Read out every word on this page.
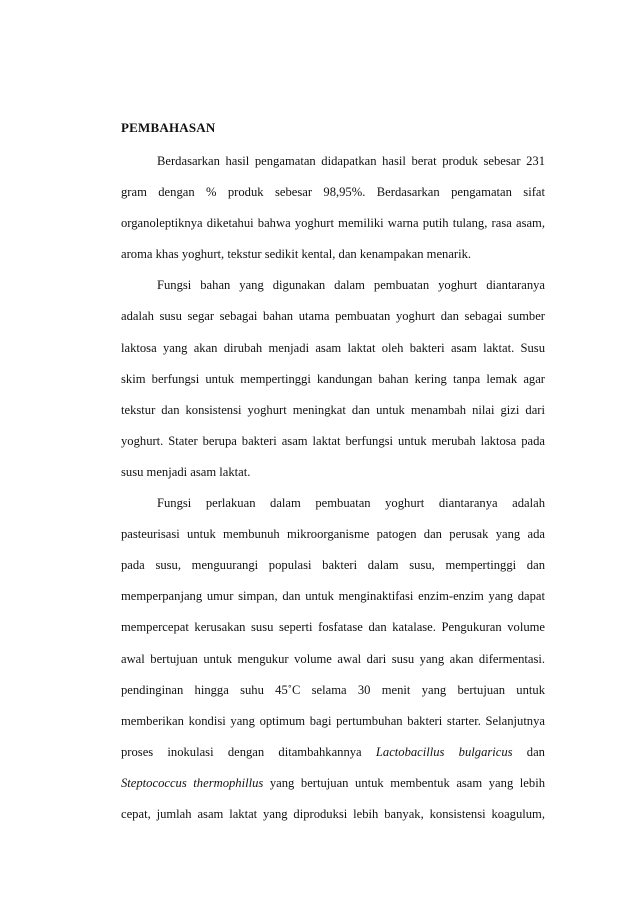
PEMBAHASAN
Berdasarkan hasil pengamatan didapatkan hasil berat produk sebesar 231
gram dengan % produk sebesar 98,95%. Berdasarkan pengamatan sifat
organoleptiknya diketahui bahwa yoghurt memiliki warna putih tulang, rasa asam,
aroma khas yoghurt, tekstur sedikit kental, dan kenampakan menarik.
Fungsi bahan yang digunakan dalam pembuatan yoghurt diantaranya
adalah susu segar sebagai bahan utama pembuatan yoghurt dan sebagai sumber
laktosa yang akan dirubah menjadi asam laktat oleh bakteri asam laktat. Susu
skim berfungsi untuk mempertinggi kandungan bahan kering tanpa lemak agar
tekstur dan konsistensi yoghurt meningkat dan untuk menambah nilai gizi dari
yoghurt. Stater berupa bakteri asam laktat berfungsi untuk merubah laktosa pada
susu menjadi asam laktat.
Fungsi perlakuan dalam pembuatan yoghurt diantaranya adalah
pasteurisasi untuk membunuh mikroorganisme patogen dan perusak yang ada
pada susu, menguurangi populasi bakteri dalam susu, mempertinggi dan
memperpanjang umur simpan, dan untuk menginaktifasi enzim-enzim yang dapat
mempercepat kerusakan susu seperti fosfatase dan katalase. Pengukuran volume
awal bertujuan untuk mengukur volume awal dari susu yang akan difermentasi.
pendinginan hingga suhu 45˚C selama 30 menit yang bertujuan untuk
memberikan kondisi yang optimum bagi pertumbuhan bakteri starter. Selanjutnya
proses inokulasi dengan ditambahkannya Lactobacillus bulgaricus dan
Steptococcus thermophillus yang bertujuan untuk membentuk asam yang lebih
cepat, jumlah asam laktat yang diproduksi lebih banyak, konsistensi koagulum,
